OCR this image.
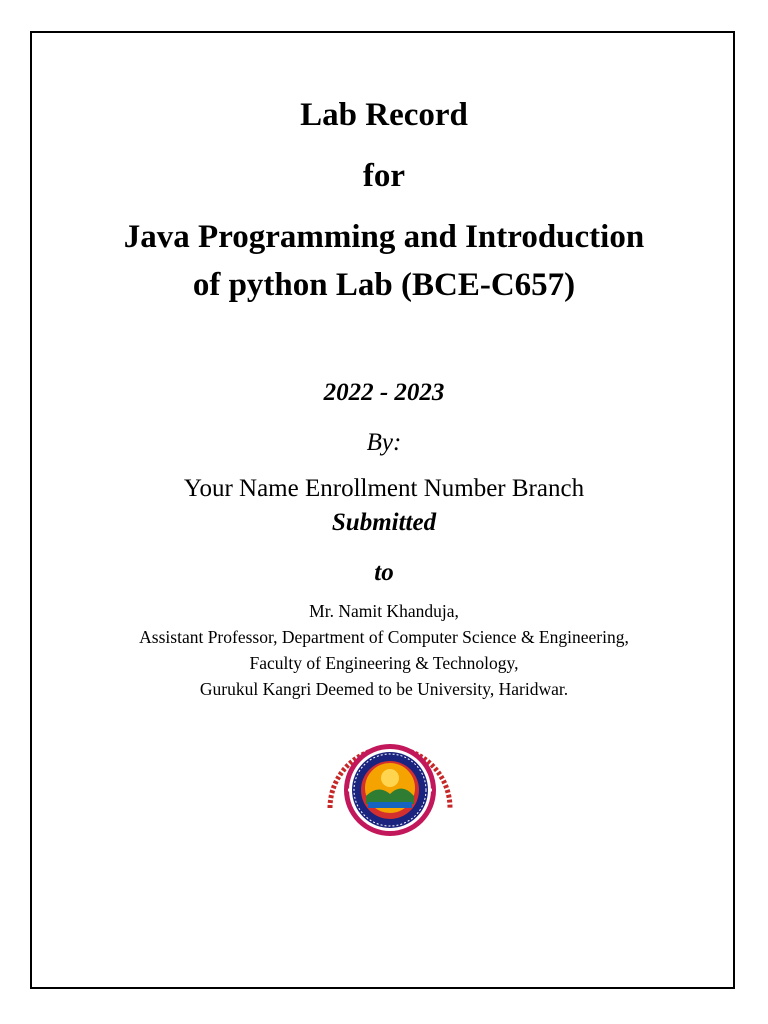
Lab Record
for
Java Programming and Introduction
of python Lab (BCE-C657)
2022 - 2023
By:
Your Name Enrollment Number Branch
Submitted
to
Mr. Namit Khanduja,
Assistant Professor, Department of Computer Science & Engineering,
Faculty of Engineering & Technology,
Gurukul Kangri Deemed to be University, Haridwar.
